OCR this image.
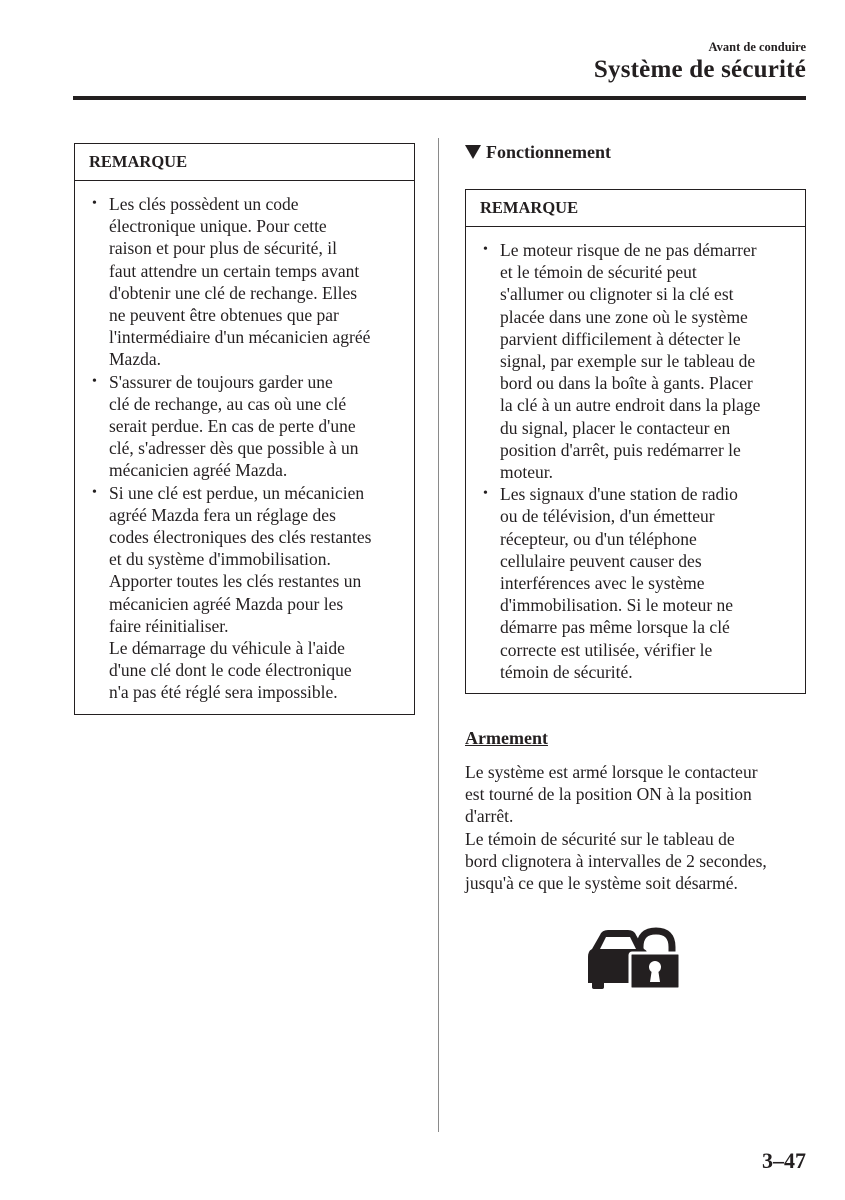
Avant de conduire
Système de sécurité
REMARQUE
• Les clés possèdent un code
électronique unique. Pour cette
raison et pour plus de sécurité, il
faut attendre un certain temps avant
d'obtenir une clé de rechange. Elles
ne peuvent être obtenues que par
l'intermédiaire d'un mécanicien agréé
Mazda.
• S'assurer de toujours garder une
clé de rechange, au cas où une clé
serait perdue. En cas de perte d'une
clé, s'adresser dès que possible à un
mécanicien agréé Mazda.
• Si une clé est perdue, un mécanicien
agréé Mazda fera un réglage des
codes électroniques des clés restantes
et du système d'immobilisation.
Apporter toutes les clés restantes un
mécanicien agréé Mazda pour les
faire réinitialiser.
Le démarrage du véhicule à l'aide
d'une clé dont le code électronique
n'a pas été réglé sera impossible.
Fonctionnement
REMARQUE
• Le moteur risque de ne pas démarrer
et le témoin de sécurité peut
s'allumer ou clignoter si la clé est
placée dans une zone où le système
parvient difficilement à détecter le
signal, par exemple sur le tableau de
bord ou dans la boîte à gants. Placer
la clé à un autre endroit dans la plage
du signal, placer le contacteur en
position d'arrêt, puis redémarrer le
moteur.
• Les signaux d'une station de radio
ou de télévision, d'un émetteur
récepteur, ou d'un téléphone
cellulaire peuvent causer des
interférences avec le système
d'immobilisation. Si le moteur ne
démarre pas même lorsque la clé
correcte est utilisée, vérifier le
témoin de sécurité.
Armement
Le système est armé lorsque le contacteur
est tourné de la position ON à la position
d'arrêt.
Le témoin de sécurité sur le tableau de
bord clignotera à intervalles de 2 secondes,
jusqu'à ce que le système soit désarmé.
3–47
